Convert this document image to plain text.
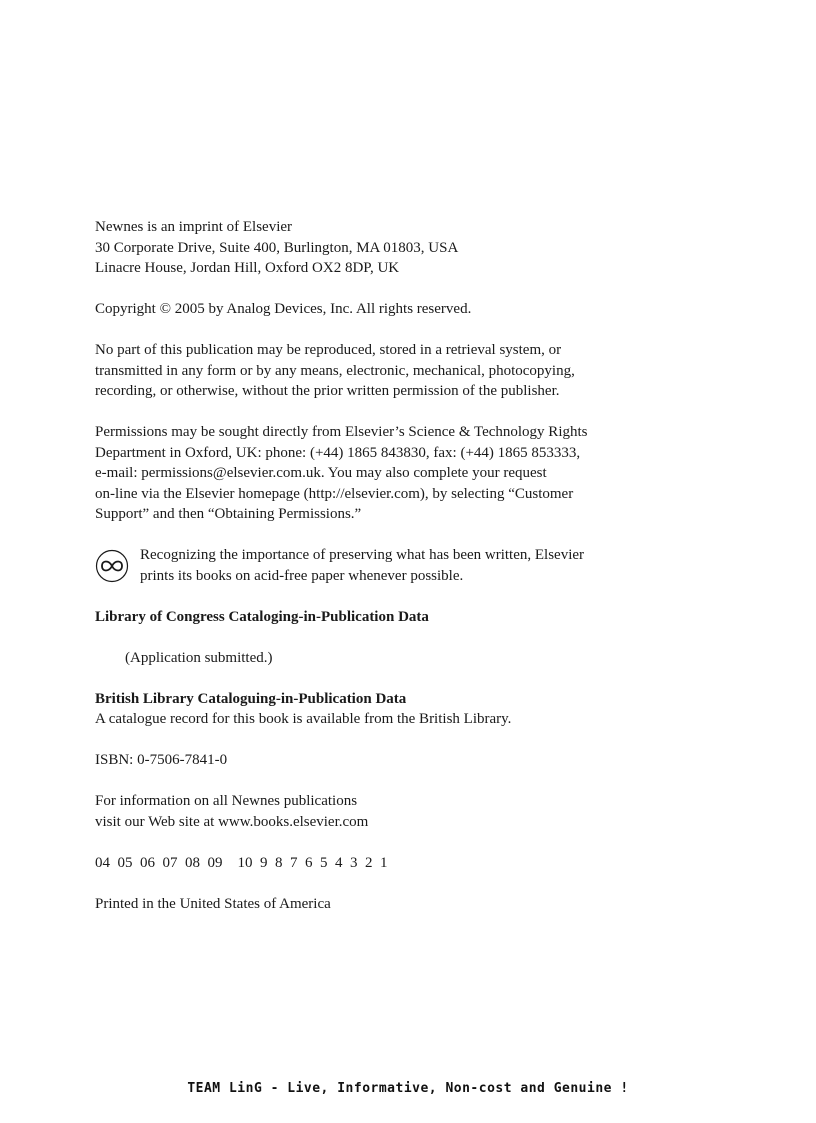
Newnes is an imprint of Elsevier
30 Corporate Drive, Suite 400, Burlington, MA 01803, USA
Linacre House, Jordan Hill, Oxford OX2 8DP, UK
Copyright © 2005 by Analog Devices, Inc. All rights reserved.
No part of this publication may be reproduced, stored in a retrieval system, or
transmitted in any form or by any means, electronic, mechanical, photocopying,
recording, or otherwise, without the prior written permission of the publisher.
Permissions may be sought directly from Elsevier’s Science & Technology Rights
Department in Oxford, UK: phone: (+44) 1865 843830, fax: (+44) 1865 853333,
e-mail: permissions@elsevier.com.uk. You may also complete your request
on-line via the Elsevier homepage (http://elsevier.com), by selecting “Customer
Support” and then “Obtaining Permissions.”
Recognizing the importance of preserving what has been written, Elsevier
prints its books on acid-free paper whenever possible.
Library of Congress Cataloging-in-Publication Data
(Application submitted.)
British Library Cataloguing-in-Publication Data
A catalogue record for this book is available from the British Library.
ISBN: 0-7506-7841-0
For information on all Newnes publications
visit our Web site at www.books.elsevier.com
04  05  06  07  08  09    10  9  8  7  6  5  4  3  2  1
Printed in the United States of America
TEAM LinG - Live, Informative, Non-cost and Genuine !
